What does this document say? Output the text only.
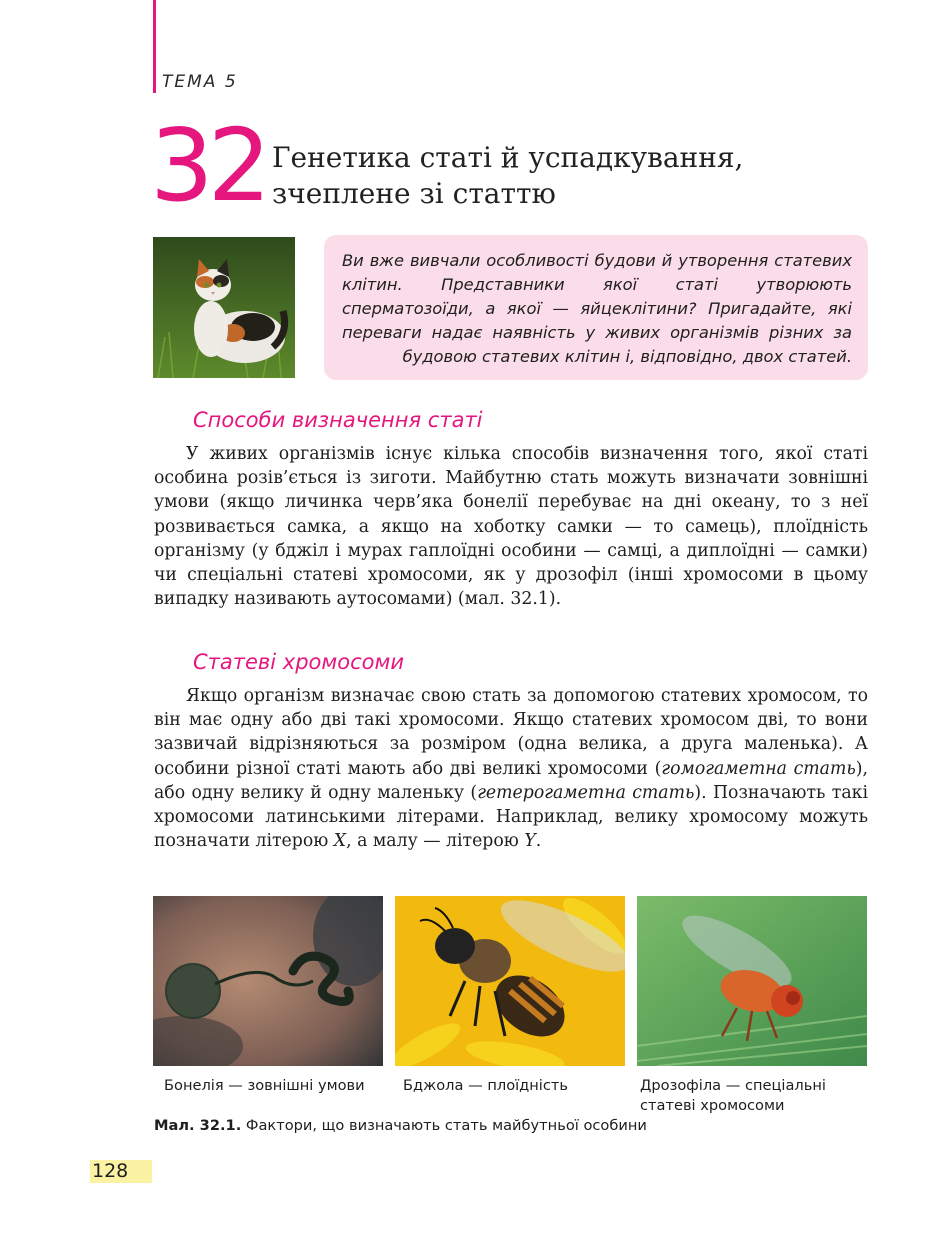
ТЕМА 5
32 Генетика статі й успадкування,
зчеплене зі статтю

Ви вже вивчали особливості будови й утворення статевих клітин. Представники якої статі утворюють сперматозоїди, а якої — яйцеклітини? Пригадайте, які переваги надає наявність у живих організмів різних за будовою статевих клітин і, відповідно, двох статей.

Способи визначення статі

У живих організмів існує кілька способів визначення того, якої статі особина розів’ється із зиготи. Майбутню стать можуть визначати зовнішні умови (якщо личинка черв’яка бонелії перебуває на дні океану, то з неї розвивається самка, а якщо на хоботку самки — то самець), плоїдність організму (у бджіл і мурах гаплоїдні особини — самці, а диплоїдні — самки) чи спеціальні статеві хромосоми, як у дрозофіл (інші хромосоми в цьому випадку називають аутосомами) (мал. 32.1).

Статеві хромосоми

Якщо організм визначає свою стать за допомогою статевих хромосом, то він має одну або дві такі хромосоми. Якщо статевих хромосом дві, то вони зазвичай відрізняються за розміром (одна велика, а друга маленька). А особини різної статі мають або дві великі хромосоми (гомогаметна стать), або одну велику й одну маленьку (гетерогаметна стать). Позначають такі хромосоми латинськими літерами. Наприклад, велику хромосому можуть позначати літерою X, а малу — літерою Y.

Бонелія — зовнішні умови	Бджола — плоїдність	Дрозофіла — спеціальні
статеві хромосоми
Мал. 32.1. Фактори, що визначають стать майбутньої особини
128
